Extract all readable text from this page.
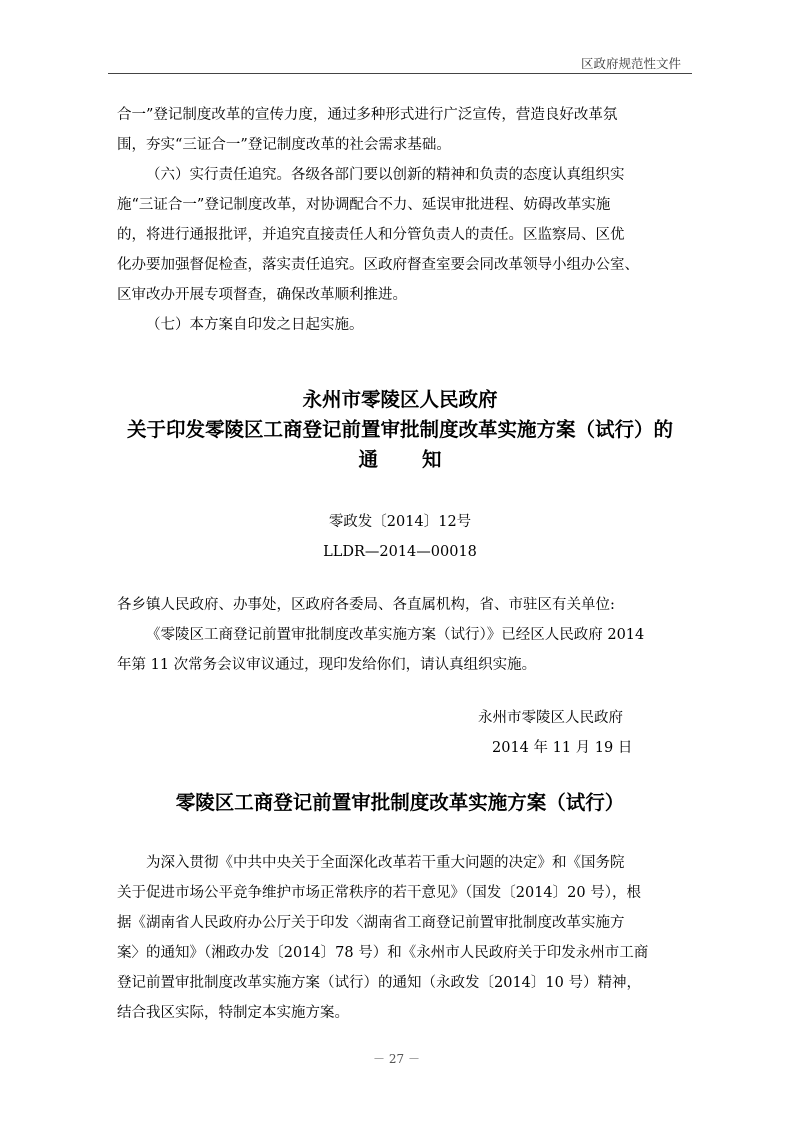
区政府规范性文件
合一”登记制度改革的宣传力度，通过多种形式进行广泛宣传，营造良好改革氛
围，夯实“三证合一”登记制度改革的社会需求基础。
（六）实行责任追究。各级各部门要以创新的精神和负责的态度认真组织实
施“三证合一”登记制度改革，对协调配合不力、延误审批进程、妨碍改革实施
的，将进行通报批评，并追究直接责任人和分管负责人的责任。区监察局、区优
化办要加强督促检查，落实责任追究。区政府督查室要会同改革领导小组办公室、
区审改办开展专项督查，确保改革顺利推进。
（七）本方案自印发之日起实施。
永州市零陵区人民政府
关于印发零陵区工商登记前置审批制度改革实施方案（试行）的
通知
零政发〔2014〕12号
LLDR—2014—00018
各乡镇人民政府、办事处，区政府各委局、各直属机构，省、市驻区有关单位:
《零陵区工商登记前置审批制度改革实施方案（试行）》已经区人民政府 2014
年第 11 次常务会议审议通过，现印发给你们，请认真组织实施。
永州市零陵区人民政府
2014 年 11 月 19 日
零陵区工商登记前置审批制度改革实施方案（试行）
为深入贯彻《中共中央关于全面深化改革若干重大问题的决定》和《国务院
关于促进市场公平竞争维护市场正常秩序的若干意见》（国发〔2014〕20 号），根
据《湖南省人民政府办公厅关于印发〈湖南省工商登记前置审批制度改革实施方
案〉的通知》（湘政办发〔2014〕78 号）和《永州市人民政府关于印发永州市工商
登记前置审批制度改革实施方案（试行）的通知（永政发〔2014〕10 号）精神，
结合我区实际，特制定本实施方案。
－ 27 －
